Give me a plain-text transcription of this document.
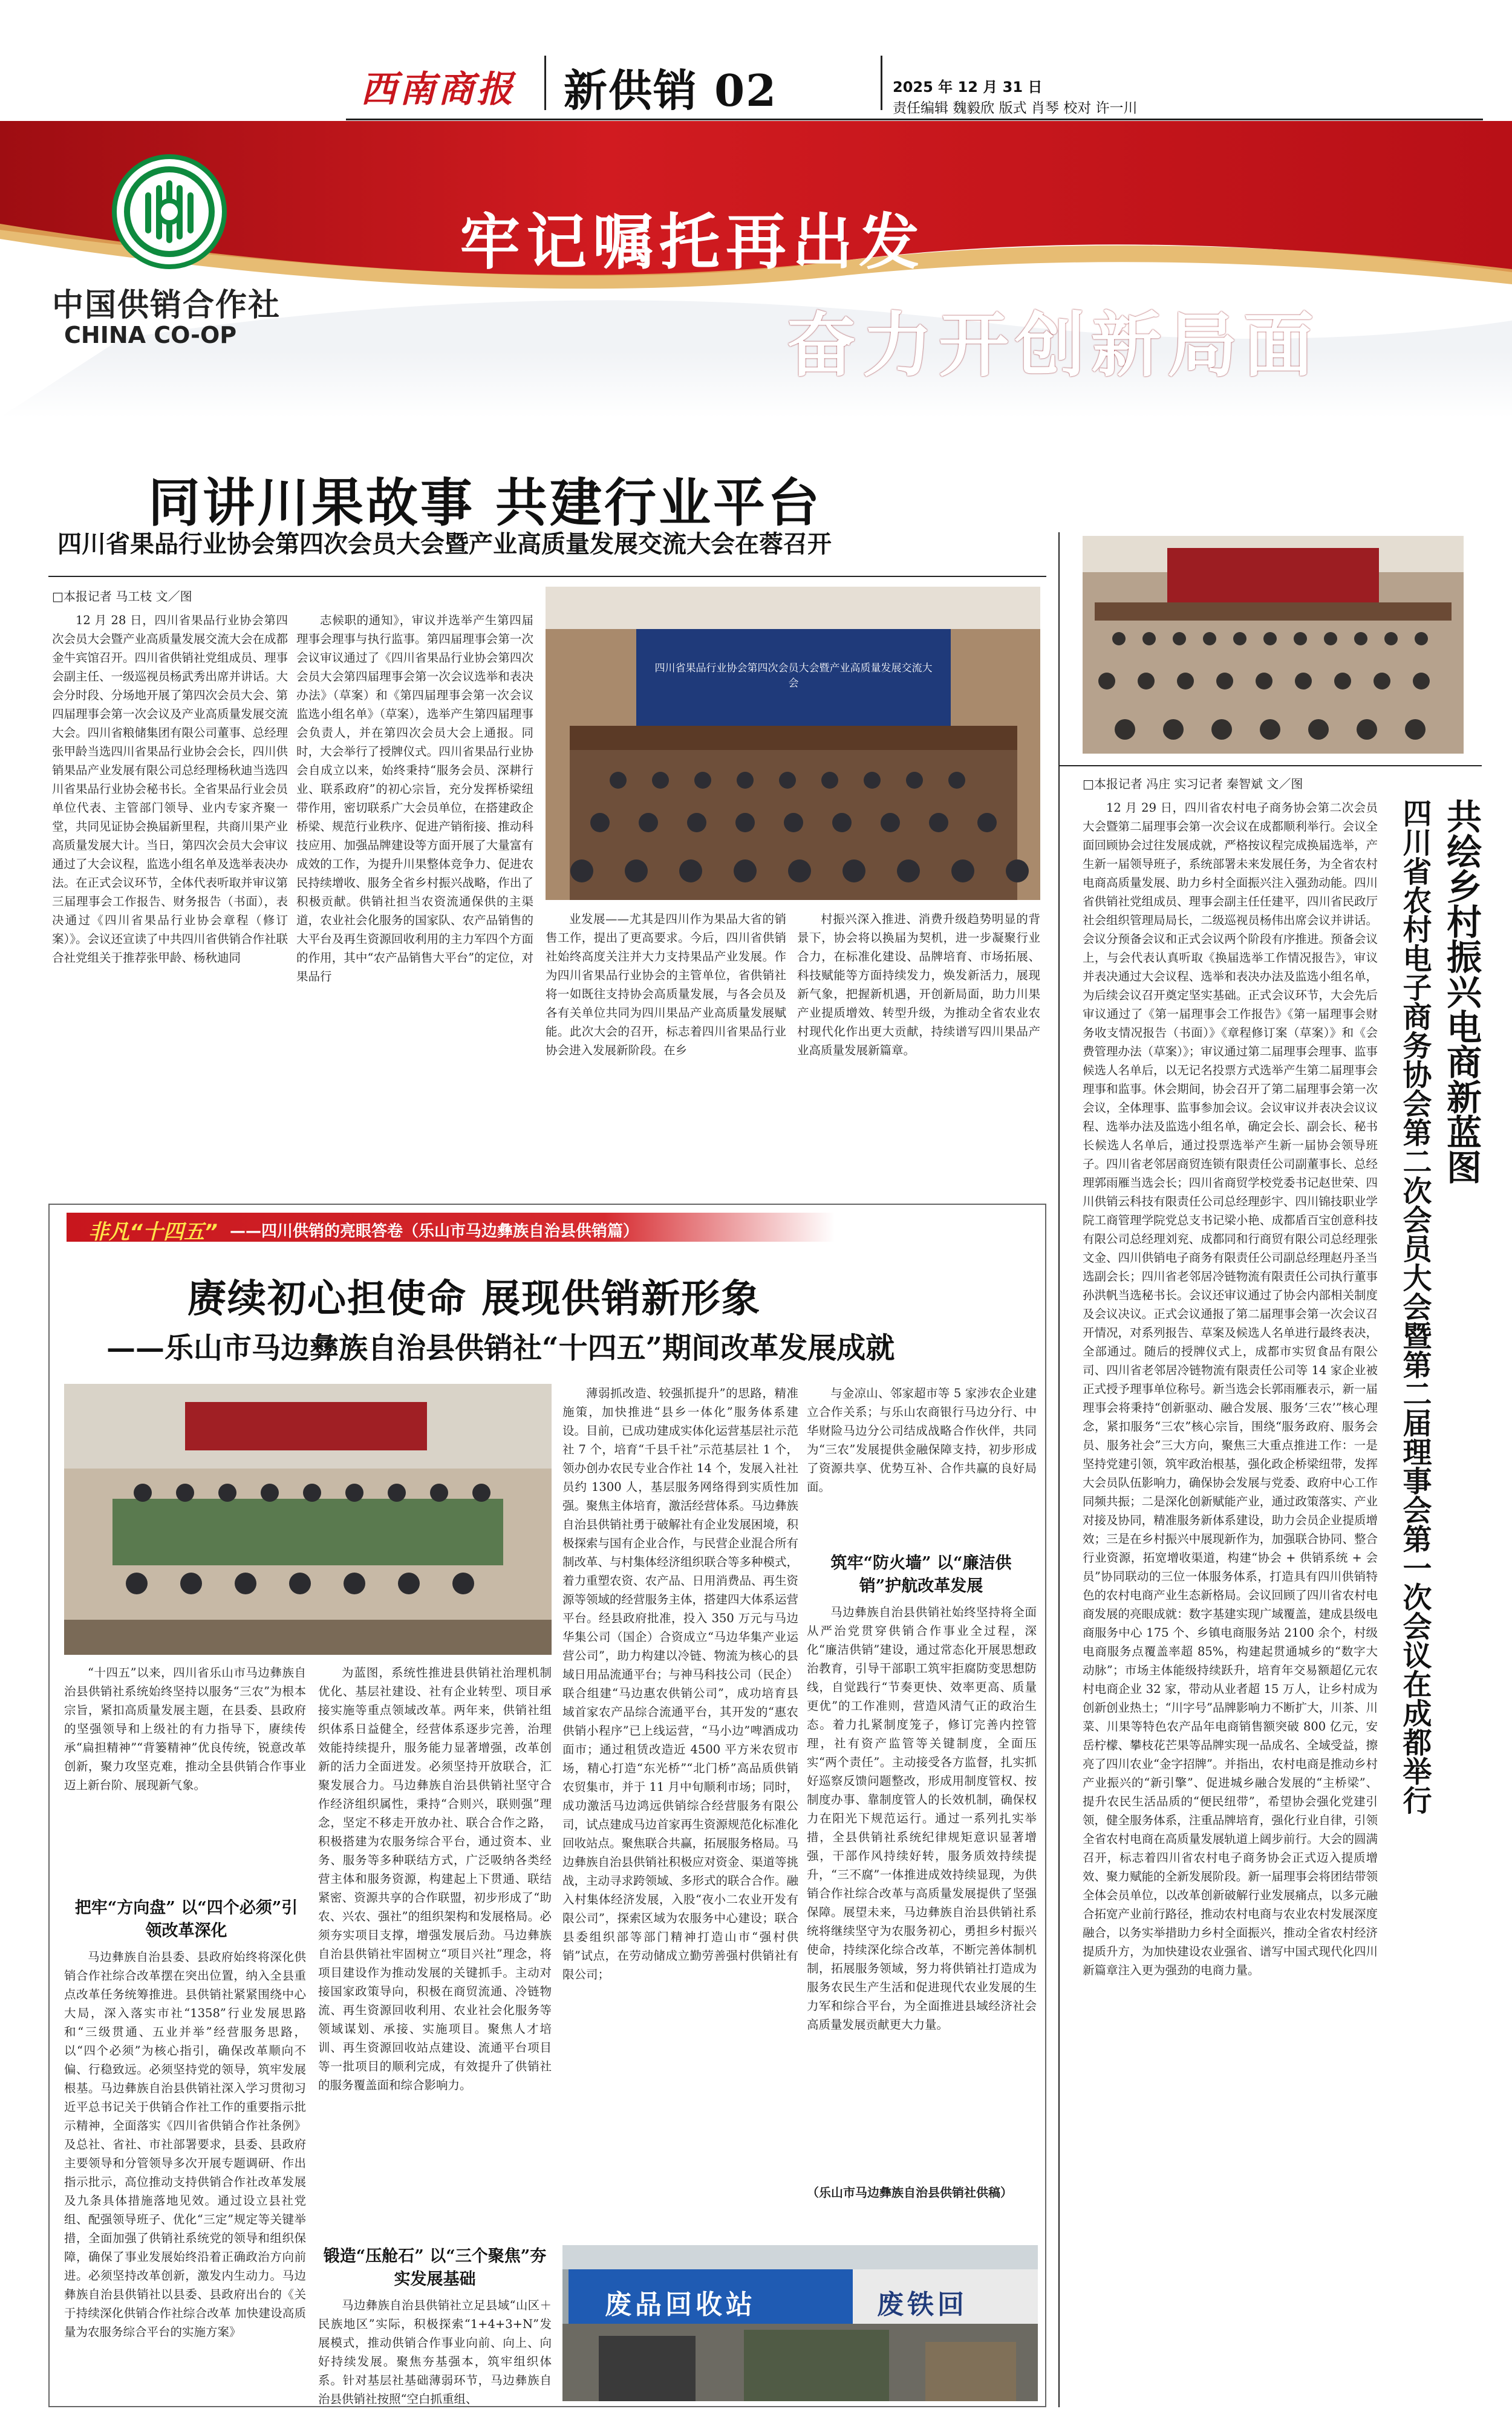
西南商报 新供销 02	2025 年 12 月 31 日
责任编辑 魏毅欣 版式 肖琴 校对 许一川
中国供销合作社
CHINA CO-OP
牢记嘱托再出发
奋力开创新局面
同讲川果故事 共建行业平台
四川省果品行业协会第四次会员大会暨产业高质量发展交流大会在蓉召开
□本报记者 马工枝 文／图
12 月 28 日，四川省果品行业协会第四次会员大会暨产业高质量发展交流大会在成都金牛宾馆召开。四川省供销社党组成员、理事会副主任、一级巡视员杨武秀出席并讲话。大会分时段、分场地开展了第四次会员大会、第四届理事会第一次会议及产业高质量发展交流大会。四川省粮储集团有限公司董事、总经理张甲龄当选四川省果品行业协会会长，四川供销果品产业发展有限公司总经理杨秋迪当选四川省果品行业协会秘书长。全省果品行业会员单位代表、主管部门领导、业内专家齐聚一堂，共同见证协会换届新里程，共商川果产业高质量发展大计。当日，第四次会员大会审议通过了大会议程，监选小组名单及选举表决办法。在正式会议环节，全体代表听取并审议第三届理事会工作报告、财务报告（书面），表决通过《四川省果品行业协会章程（修订案）》。会议还宣读了中共四川省供销合作社联合社党组关于推荐张甲龄、杨秋迪同
志候职的通知》，审议并选举产生第四届理事会理事与执行监事。第四届理事会第一次会议审议通过了《四川省果品行业协会第四次会员大会第四届理事会第一次会议选举和表决办法》（草案）和《第四届理事会第一次会议监选小组名单》（草案），选举产生第四届理事会负责人，并在第四次会员大会上通报。同时，大会举行了授牌仪式。四川省果品行业协会自成立以来，始终秉持“服务会员、深耕行业、联系政府”的初心宗旨，充分发挥桥梁纽带作用，密切联系广大会员单位，在搭建政企桥梁、规范行业秩序、促进产销衔接、推动科技应用、加强品牌建设等方面开展了大量富有成效的工作，为提升川果整体竞争力、促进农民持续增收、服务全省乡村振兴战略，作出了积极贡献。供销社担当农资流通保供的主渠道，农业社会化服务的国家队、农产品销售的大平台及再生资源回收利用的主力军四个方面的作用，其中“农产品销售大平台”的定位，对果品行
四川省果品行业协会第四次会员大会暨产业高质量发展交流大会
业发展——尤其是四川作为果品大省的销售工作，提出了更高要求。今后，四川省供销社始终高度关注并大力支持果品产业发展。作为四川省果品行业协会的主管单位，省供销社将一如既往支持协会高质量发展，与各会员及各有关单位共同为四川果品产业高质量发展赋能。此次大会的召开，标志着四川省果品行业协会进入发展新阶段。在乡
村振兴深入推进、消费升级趋势明显的背景下，协会将以换届为契机，进一步凝聚行业合力，在标准化建设、品牌培育、市场拓展、科技赋能等方面持续发力，焕发新活力，展现新气象，把握新机遇，开创新局面，助力川果产业提质增效、转型升级，为推动全省农业农村现代化作出更大贡献，持续谱写四川果品产业高质量发展新篇章。
□本报记者 冯庄 实习记者 秦智斌 文／图
共绘乡村振兴电商新蓝图
四川省农村电子商务协会第二次会员大会暨第二届理事会第一次会议在成都举行
12 月 29 日，四川省农村电子商务协会第二次会员大会暨第二届理事会第一次会议在成都顺利举行。会议全面回顾协会过往发展成就，严格按议程完成换届选举，产生新一届领导班子，系统部署未来发展任务，为全省农村电商高质量发展、助力乡村全面振兴注入强劲动能。四川省供销社党组成员、理事会副主任任建平，四川省民政厅社会组织管理局局长，二级巡视员杨伟出席会议并讲话。会议分预备会议和正式会议两个阶段有序推进。预备会议上，与会代表认真听取《换届选举工作情况报告》，审议并表决通过大会议程、选举和表决办法及监选小组名单，为后续会议召开奠定坚实基础。正式会议环节，大会先后审议通过了《第一届理事会工作报告》《第一届理事会财务收支情况报告（书面）》《章程修订案（草案）》和《会费管理办法（草案）》；审议通过第二届理事会理事、监事候选人名单后，以无记名投票方式选举产生第二届理事会理事和监事。休会期间，协会召开了第二届理事会第一次会议，全体理事、监事参加会议。会议审议并表决会议议程、选举办法及监选小组名单，确定会长、副会长、秘书长候选人名单后，通过投票选举产生新一届协会领导班子。四川省老邻居商贸连锁有限责任公司副董事长、总经理郭雨雁当选会长；四川省商贸学校党委书记赵世荣、四川供销云科技有限责任公司总经理彭宇、四川锦技职业学院工商管理学院党总支书记梁小艳、成都盾百宝创意科技有限公司总经理刘兖、成都同和行商贸有限公司总经理张文金、四川供销电子商务有限责任公司副总经理赵丹圣当选副会长；四川省老邻居冷链物流有限责任公司执行董事孙洪帆当选秘书长。会议还审议通过了协会内部相关制度及会议决议。正式会议通报了第二届理事会第一次会议召开情况，对系列报告、草案及候选人名单进行最终表决，全部通过。随后的授牌仪式上，成都市实贸食品有限公司、四川省老邻居冷链物流有限责任公司等 14 家企业被正式授予理事单位称号。新当选会长郭雨雁表示，新一届理事会将秉持“创新驱动、融合发展、服务‘三农’”核心理念，紧扣服务“三农”核心宗旨，围绕“服务政府、服务会员、服务社会”三大方向，聚焦三大重点推进工作：一是坚持党建引领，筑牢政治根基，强化政企桥梁纽带，发挥大会员队伍影响力，确保协会发展与党委、政府中心工作同频共振；二是深化创新赋能产业，通过政策落实、产业对接及协同，精准服务新体系建设，助力会员企业提质增效；三是在乡村振兴中展现新作为，加强联合协同、整合行业资源，拓宽增收渠道，构建“协会 + 供销系统 + 会员”协同联动的三位一体服务体系，打造具有四川供销特色的农村电商产业生态新格局。会议回顾了四川省农村电商发展的亮眼成就：数字基建实现广域覆盖，建成县级电商服务中心 175 个、乡镇电商服务站 2100 余个，村级电商服务点覆盖率超 85%，构建起贯通城乡的“数字大动脉”；市场主体能级持续跃升，培育年交易额超亿元农村电商企业 32 家，带动从业者超 15 万人，让乡村成为创新创业热土；“川字号”品牌影响力不断扩大，川茶、川菜、川果等特色农产品年电商销售额突破 800 亿元，安岳柠檬、攀枝花芒果等品牌实现一品成名、全域受益，擦亮了四川农业“金字招牌”。并指出，农村电商是推动乡村产业振兴的“新引擎”、促进城乡融合发展的“主桥梁”、提升农民生活品质的“便民纽带”，希望协会强化党建引领，健全服务体系，注重品牌培育，强化行业自律，引领全省农村电商在高质量发展轨道上阔步前行。大会的圆满召开，标志着四川省农村电子商务协会正式迈入提质增效、聚力赋能的全新发展阶段。新一届理事会将团结带领全体会员单位，以改革创新破解行业发展痛点，以多元融合拓宽产业前行路径，推动农村电商与农业农村发展深度融合，以务实举措助力乡村全面振兴，推动全省农村经济提质升方，为加快建设农业强省、谱写中国式现代化四川新篇章注入更为强劲的电商力量。
非凡“十四五” ——四川供销的亮眼答卷（乐山市马边彝族自治县供销篇）
赓续初心担使命 展现供销新形象
——乐山市马边彝族自治县供销社“十四五”期间改革发展成就
“十四五”以来，四川省乐山市马边彝族自治县供销社系统始终坚持以服务“三农”为根本宗旨，紧扣高质量发展主题，在县委、县政府的坚强领导和上级社的有力指导下，赓续传承“扁担精神”“背篓精神”优良传统，锐意改革创新，聚力攻坚克难，推动全县供销合作事业迈上新台阶、展现新气象。
把牢“方向盘” 以“四个必须”引领改革深化
马边彝族自治县委、县政府始终将深化供销合作社综合改革摆在突出位置，纳入全县重点改革任务统筹推进。县供销社紧紧围绕中心大局，深入落实市社“1358”行业发展思路和“三级贯通、五业并举”经营服务思路，以“四个必须”为核心指引，确保改革顺向不偏、行稳致远。必须坚持党的领导，筑牢发展根基。马边彝族自治县供销社深入学习贯彻习近平总书记关于供销合作社工作的重要指示批示精神，全面落实《四川省供销合作社条例》及总社、省社、市社部署要求，县委、县政府主要领导和分管领导多次开展专题调研、作出指示批示，高位推动支持供销合作社改革发展及九条具体措施落地见效。通过设立县社党组、配强领导班子、优化“三定”规定等关键举措，全面加强了供销社系统党的领导和组织保障，确保了事业发展始终沿着正确政治方向前进。必须坚持改革创新，激发内生动力。马边彝族自治县供销社以县委、县政府出台的《关于持续深化供销合作社综合改革 加快建设高质量为农服务综合平台的实施方案》
为蓝图，系统性推进县供销社治理机制优化、基层社建设、社有企业转型、项目承接实施等重点领域改革。两年来，供销社组织体系日益健全，经营体系逐步完善，治理效能持续提升，服务能力显著增强，改革创新的活力全面迸发。必须坚持开放联合，汇聚发展合力。马边彝族自治县供销社坚守合作经济组织属性，秉持“合则兴，联则强”理念，坚定不移走开放办社、联合合作之路，积极搭建为农服务综合平台，通过资本、业务、服务等多种联结方式，广泛吸纳各类经营主体和服务资源，构建起上下贯通、联结紧密、资源共享的合作联盟，初步形成了“助农、兴农、强社”的组织架构和发展格局。必须夯实项目支撑，增强发展后劲。马边彝族自治县供销社牢固树立“项目兴社”理念，将项目建设作为推动发展的关键抓手。主动对接国家政策导向，积极在商贸流通、冷链物流、再生资源回收利用、农业社会化服务等领域谋划、承接、实施项目。聚焦人才培训、再生资源回收站点建设、流通平台项目等一批项目的顺利完成，有效提升了供销社的服务覆盖面和综合影响力。
锻造“压舱石” 以“三个聚焦”夯实发展基础
马边彝族自治县供销社立足县域“山区＋民族地区”实际，积极探索“1+4+3+N”发展模式，推动供销合作事业向前、向上、向好持续发展。聚焦夯基强本，筑牢组织体系。针对基层社基础薄弱环节，马边彝族自治县供销社按照“空白抓重组、
薄弱抓改造、较强抓提升”的思路，精准施策，加快推进“县乡一体化”服务体系建设。目前，已成功建成实体化运营基层社示范社 7 个，培育“千县千社”示范基层社 1 个，领办创办农民专业合作社 14 个，发展入社社员约 1300 人，基层服务网络得到实质性加强。聚焦主体培育，激活经营体系。马边彝族自治县供销社勇于破解社有企业发展困境，积极探索与国有企业合作，与民营企业混合所有制改革、与村集体经济组织联合等多种模式，着力重塑农资、农产品、日用消费品、再生资源等领域的经营服务主体，搭建四大体系运营平台。经县政府批准，投入 350 万元与马边华集公司（国企）合资成立“马边华集产业运营公司”，助力构建以冷链、物流为核心的县域日用品流通平台；与神马科技公司（民企）联合组建“马边惠农供销公司”，成功培育县域首家农产品综合流通平台，其开发的“惠农供销小程序”已上线运营，“马小边”啤酒成功面市；通过租赁改造近 4500 平方米农贸市场，精心打造“东光桥”“北门桥”高品质供销农贸集市，并于 11 月中旬顺利市场；同时，成功激活马边鸿远供销综合经营服务有限公司，试点建成马边首家再生资源规范化标准化回收站点。聚焦联合共赢，拓展服务格局。马边彝族自治县供销社积极应对资金、渠道等挑战，主动寻求跨领域、多形式的联合合作。融入村集体经济发展，入股“夜小二农业开发有限公司”，探索区域为农服务中心建设；联合县委组织部等部门精神打造山市“强村供销”试点，在劳动储成立勤劳善强村供销社有限公司；
与金凉山、邻家超市等 5 家涉农企业建立合作关系；与乐山农商银行马边分行、中华财险马边分公司结成战略合作伙伴，共同为“三农”发展提供金融保障支持，初步形成了资源共享、优势互补、合作共赢的良好局面。
筑牢“防火墙” 以“廉洁供销”护航改革发展
马边彝族自治县供销社始终坚持将全面从严治党贯穿供销合作事业全过程，深化“廉洁供销”建设，通过常态化开展思想政治教育，引导干部职工筑牢拒腐防变思想防线，自觉践行“节奏更快、效率更高、质量更优”的工作准则，营造风清气正的政治生态。着力扎紧制度笼子，修订完善内控管理，社有资产监管等关键制度，全面压实“两个责任”。主动接受各方监督，扎实抓好巡察反馈问题整改，形成用制度管权、按制度办事、靠制度管人的长效机制，确保权力在阳光下规范运行。通过一系列扎实举措，全县供销社系统纪律规矩意识显著增强，干部作风持续好转，服务质效持续提升，“三不腐”一体推进成效持续显现，为供销合作社综合改革与高质量发展提供了坚强保障。展望未来，马边彝族自治县供销社系统将继续坚守为农服务初心，勇担乡村振兴使命，持续深化综合改革，不断完善体制机制，拓展服务领域，努力将供销社打造成为服务农民生产生活和促进现代农业发展的生力军和综合平台，为全面推进县域经济社会高质量发展贡献更大力量。
（乐山市马边彝族自治县供销社供稿）
废品回收站	废铁回
